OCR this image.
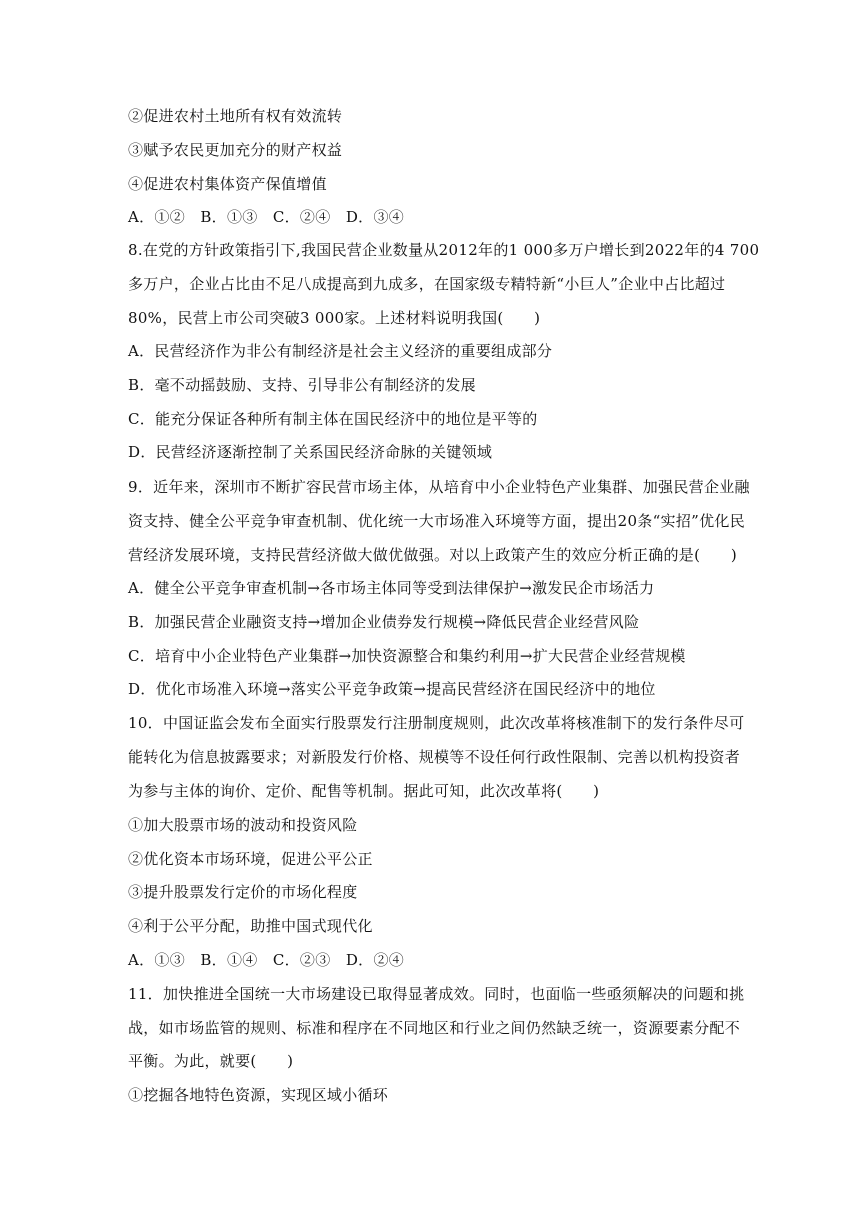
②促进农村土地所有权有效流转
③赋予农民更加充分的财产权益
④促进农村集体资产保值增值
A．①②　B．①③　C．②④　D．③④
8.在党的方针政策指引下,我国民营企业数量从2012年的1 000多万户增长到2022年的4 700
多万户，企业占比由不足八成提高到九成多，在国家级专精特新“小巨人”企业中占比超过
80%，民营上市公司突破3 000家。上述材料说明我国(　　)
A．民营经济作为非公有制经济是社会主义经济的重要组成部分
B．毫不动摇鼓励、支持、引导非公有制经济的发展
C．能充分保证各种所有制主体在国民经济中的地位是平等的
D．民营经济逐渐控制了关系国民经济命脉的关键领域
9．近年来，深圳市不断扩容民营市场主体，从培育中小企业特色产业集群、加强民营企业融
资支持、健全公平竞争审查机制、优化统一大市场准入环境等方面，提出20条“实招”优化民
营经济发展环境，支持民营经济做大做优做强。对以上政策产生的效应分析正确的是(　　)
A．健全公平竞争审查机制→各市场主体同等受到法律保护→激发民企市场活力
B．加强民营企业融资支持→增加企业债券发行规模→降低民营企业经营风险
C．培育中小企业特色产业集群→加快资源整合和集约利用→扩大民营企业经营规模
D．优化市场准入环境→落实公平竞争政策→提高民营经济在国民经济中的地位
10．中国证监会发布全面实行股票发行注册制度规则，此次改革将核准制下的发行条件尽可
能转化为信息披露要求；对新股发行价格、规模等不设任何行政性限制、完善以机构投资者
为参与主体的询价、定价、配售等机制。据此可知，此次改革将(　　)
①加大股票市场的波动和投资风险
②优化资本市场环境，促进公平公正
③提升股票发行定价的市场化程度
④利于公平分配，助推中国式现代化
A．①③　B．①④　C．②③　D．②④
11．加快推进全国统一大市场建设已取得显著成效。同时，也面临一些亟须解决的问题和挑
战，如市场监管的规则、标准和程序在不同地区和行业之间仍然缺乏统一，资源要素分配不
平衡。为此，就要(　　)
①挖掘各地特色资源，实现区域小循环
